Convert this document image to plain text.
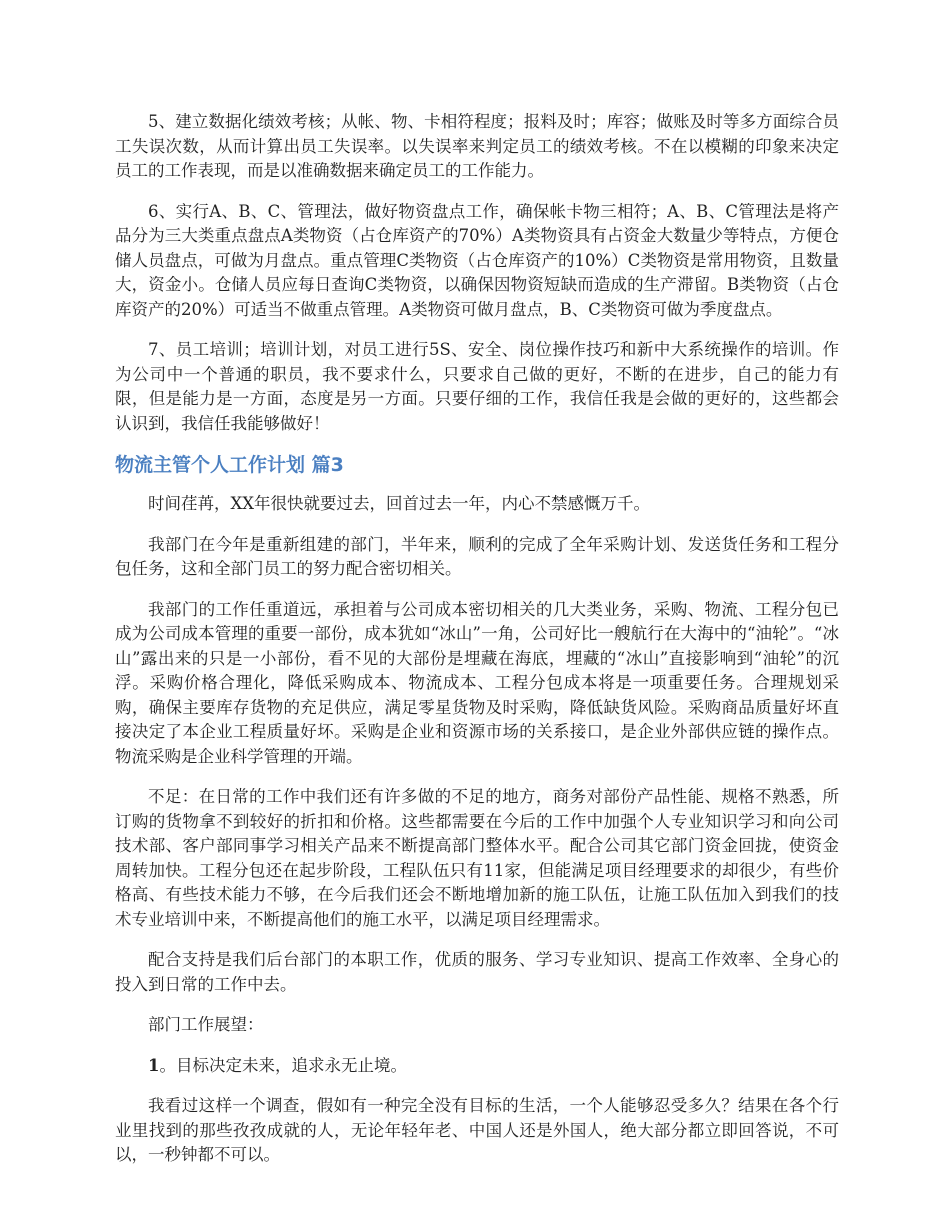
5、建立数据化绩效考核；从帐、物、卡相符程度；报料及时；库容；做账及时等多方面综合员工失误次数，从而计算出员工失误率。以失误率来判定员工的绩效考核。不在以模糊的印象来决定员工的工作表现，而是以准确数据来确定员工的工作能力。

6、实行A、B、C、管理法，做好物资盘点工作，确保帐卡物三相符；A、B、C管理法是将产品分为三大类重点盘点A类物资（占仓库资产的70%）A类物资具有占资金大数量少等特点，方便仓储人员盘点，可做为月盘点。重点管理C类物资（占仓库资产的10%）C类物资是常用物资，且数量大，资金小。仓储人员应每日查询C类物资，以确保因物资短缺而造成的生产滞留。B类物资（占仓库资产的20%）可适当不做重点管理。A类物资可做月盘点，B、C类物资可做为季度盘点。

7、员工培训；培训计划，对员工进行5S、安全、岗位操作技巧和新中大系统操作的培训。作为公司中一个普通的职员，我不要求什么，只要求自己做的更好，不断的在进步，自己的能力有限，但是能力是一方面，态度是另一方面。只要仔细的工作，我信任我是会做的更好的，这些都会认识到，我信任我能够做好！

物流主管个人工作计划 篇3

时间荏苒，XX年很快就要过去，回首过去一年，内心不禁感慨万千。

我部门在今年是重新组建的部门，半年来，顺利的完成了全年采购计划、发送货任务和工程分包任务，这和全部门员工的努力配合密切相关。

我部门的工作任重道远，承担着与公司成本密切相关的几大类业务，采购、物流、工程分包已成为公司成本管理的重要一部份，成本犹如“冰山”一角，公司好比一艘航行在大海中的“油轮”。“冰山”露出来的只是一小部份，看不见的大部份是埋藏在海底，埋藏的“冰山”直接影响到“油轮”的沉浮。采购价格合理化，降低采购成本、物流成本、工程分包成本将是一项重要任务。合理规划采购，确保主要库存货物的充足供应，满足零星货物及时采购，降低缺货风险。采购商品质量好坏直接决定了本企业工程质量好坏。采购是企业和资源市场的关系接口，是企业外部供应链的操作点。物流采购是企业科学管理的开端。

不足：在日常的工作中我们还有许多做的不足的地方，商务对部份产品性能、规格不熟悉，所订购的货物拿不到较好的折扣和价格。这些都需要在今后的工作中加强个人专业知识学习和向公司技术部、客户部同事学习相关产品来不断提高部门整体水平。配合公司其它部门资金回拢，使资金周转加快。工程分包还在起步阶段，工程队伍只有11家，但能满足项目经理要求的却很少，有些价格高、有些技术能力不够，在今后我们还会不断地增加新的施工队伍，让施工队伍加入到我们的技术专业培训中来，不断提高他们的施工水平，以满足项目经理需求。

配合支持是我们后台部门的本职工作，优质的服务、学习专业知识、提高工作效率、全身心的投入到日常的工作中去。

部门工作展望：

1。目标决定未来，追求永无止境。

我看过这样一个调查，假如有一种完全没有目标的生活，一个人能够忍受多久？结果在各个行业里找到的那些孜孜成就的人，无论年轻年老、中国人还是外国人，绝大部分都立即回答说，不可以，一秒钟都不可以。
